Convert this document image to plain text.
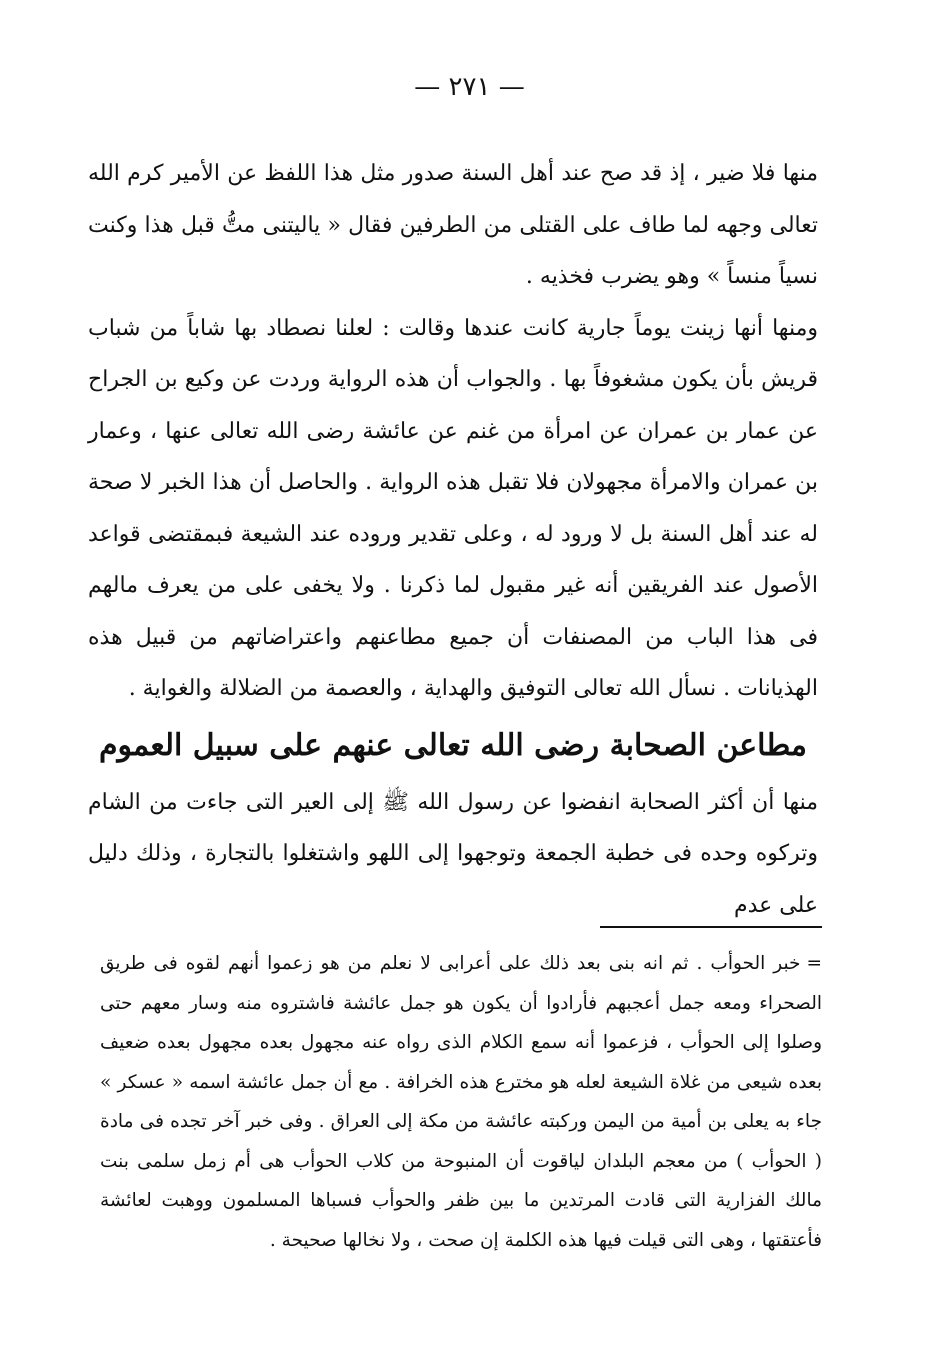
— ٢٧١ —

منها فلا ضير ، إذ قد صح عند أهل السنة صدور مثل هذا اللفظ عن الأمير كرم الله تعالى وجهه لما طاف على القتلى من الطرفين فقال « ياليتنى متُّ قبل هذا وكنت نسياً منساً » وهو يضرب فخذيه .

ومنها أنها زينت يوماً جارية كانت عندها وقالت : لعلنا نصطاد بها شاباً من شباب قريش بأن يكون مشغوفاً بها . والجواب أن هذه الرواية وردت عن وكيع بن الجراح عن عمار بن عمران عن امرأة من غنم عن عائشة رضى الله تعالى عنها ، وعمار بن عمران والامرأة مجهولان فلا تقبل هذه الرواية . والحاصل أن هذا الخبر لا صحة له عند أهل السنة بل لا ورود له ، وعلى تقدير وروده عند الشيعة فبمقتضى قواعد الأصول عند الفريقين أنه غير مقبول لما ذكرنا . ولا يخفى على من يعرف مالهم فى هذا الباب من المصنفات أن جميع مطاعنهم واعتراضاتهم من قبيل هذه الهذيانات . نسأل الله تعالى التوفيق والهداية ، والعصمة من الضلالة والغواية .

مطاعن الصحابة رضى الله تعالى عنهم على سبيل العموم

منها أن أكثر الصحابة انفضوا عن رسول الله ﷺ إلى العير التى جاءت من الشام وتركوه وحده فى خطبة الجمعة وتوجهوا إلى اللهو واشتغلوا بالتجارة ، وذلك دليل على عدم

=خبر الحوأب . ثم انه بنى بعد ذلك على أعرابى لا نعلم من هو زعموا أنهم لقوه فى طريق الصحراء ومعه جمل أعجبهم فأرادوا أن يكون هو جمل عائشة فاشتروه منه وسار معهم حتى وصلوا إلى الحوأب ، فزعموا أنه سمع الكلام الذى رواه عنه مجهول بعده مجهول بعده ضعيف بعده شيعى من غلاة الشيعة لعله هو مخترع هذه الخرافة . مع أن جمل عائشة اسمه « عسكر » جاء به يعلى بن أمية من اليمن وركبته عائشة من مكة إلى العراق . وفى خبر آخر تجده فى مادة ( الحوأب ) من معجم البلدان لياقوت أن المنبوحة من كلاب الحوأب هى أم زمل سلمى بنت مالك الفزارية التى قادت المرتدين ما بين ظفر والحوأب فسباها المسلمون ووهبت لعائشة فأعتقتها ، وهى التى قيلت فيها هذه الكلمة إن صحت ، ولا نخالها صحيحة .
